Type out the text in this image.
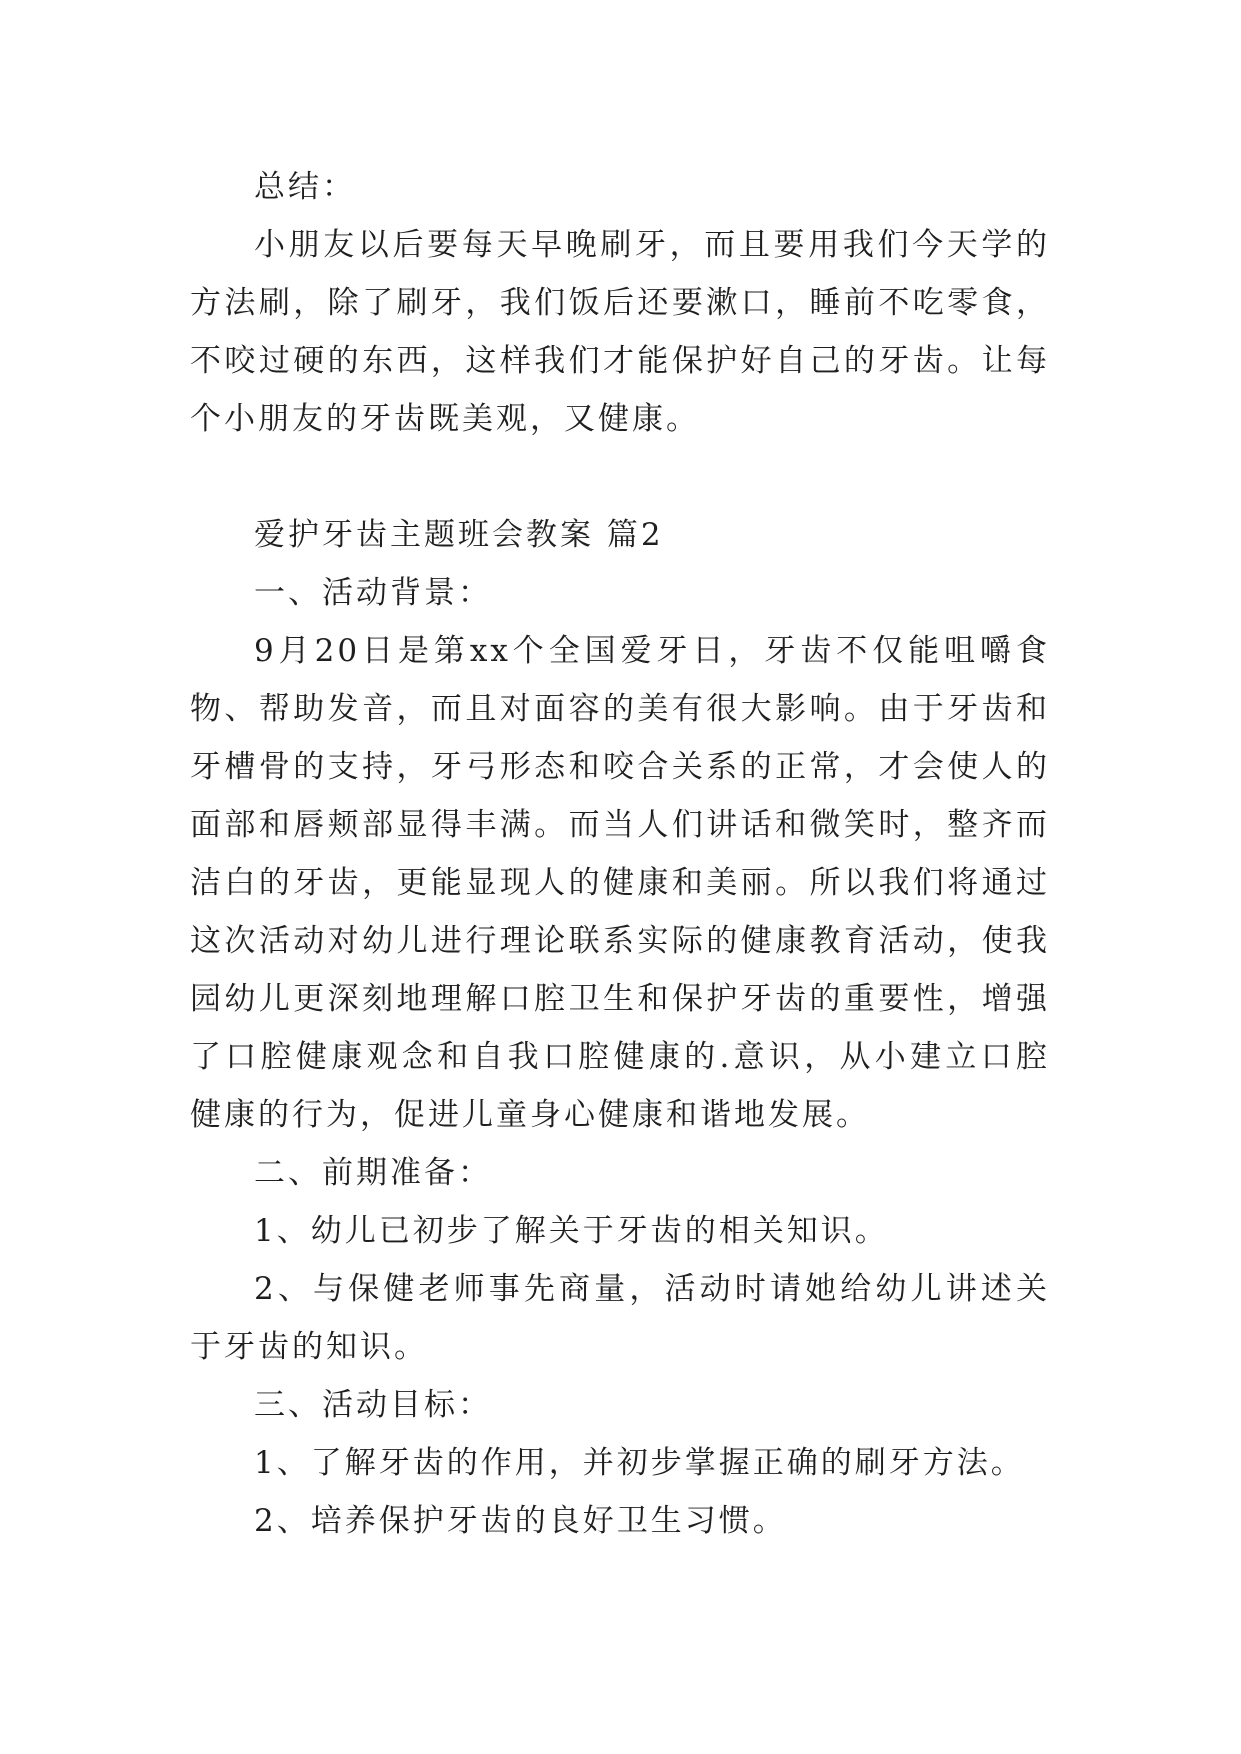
总结：

小朋友以后要每天早晚刷牙，而且要用我们今天学的方法刷，除了刷牙，我们饭后还要漱口，睡前不吃零食，不咬过硬的东西，这样我们才能保护好自己的牙齿。让每个小朋友的牙齿既美观，又健康。

爱护牙齿主题班会教案 篇2

一、活动背景：

9月20日是第xx个全国爱牙日，牙齿不仅能咀嚼食物、帮助发音，而且对面容的美有很大影响。由于牙齿和牙槽骨的支持，牙弓形态和咬合关系的正常，才会使人的面部和唇颊部显得丰满。而当人们讲话和微笑时，整齐而洁白的牙齿，更能显现人的健康和美丽。所以我们将通过这次活动对幼儿进行理论联系实际的健康教育活动，使我园幼儿更深刻地理解口腔卫生和保护牙齿的重要性，增强了口腔健康观念和自我口腔健康的.意识，从小建立口腔健康的行为，促进儿童身心健康和谐地发展。

二、前期准备：

1、幼儿已初步了解关于牙齿的相关知识。

2、与保健老师事先商量，活动时请她给幼儿讲述关于牙齿的知识。

三、活动目标：

1、了解牙齿的作用，并初步掌握正确的刷牙方法。

2、培养保护牙齿的良好卫生习惯。
